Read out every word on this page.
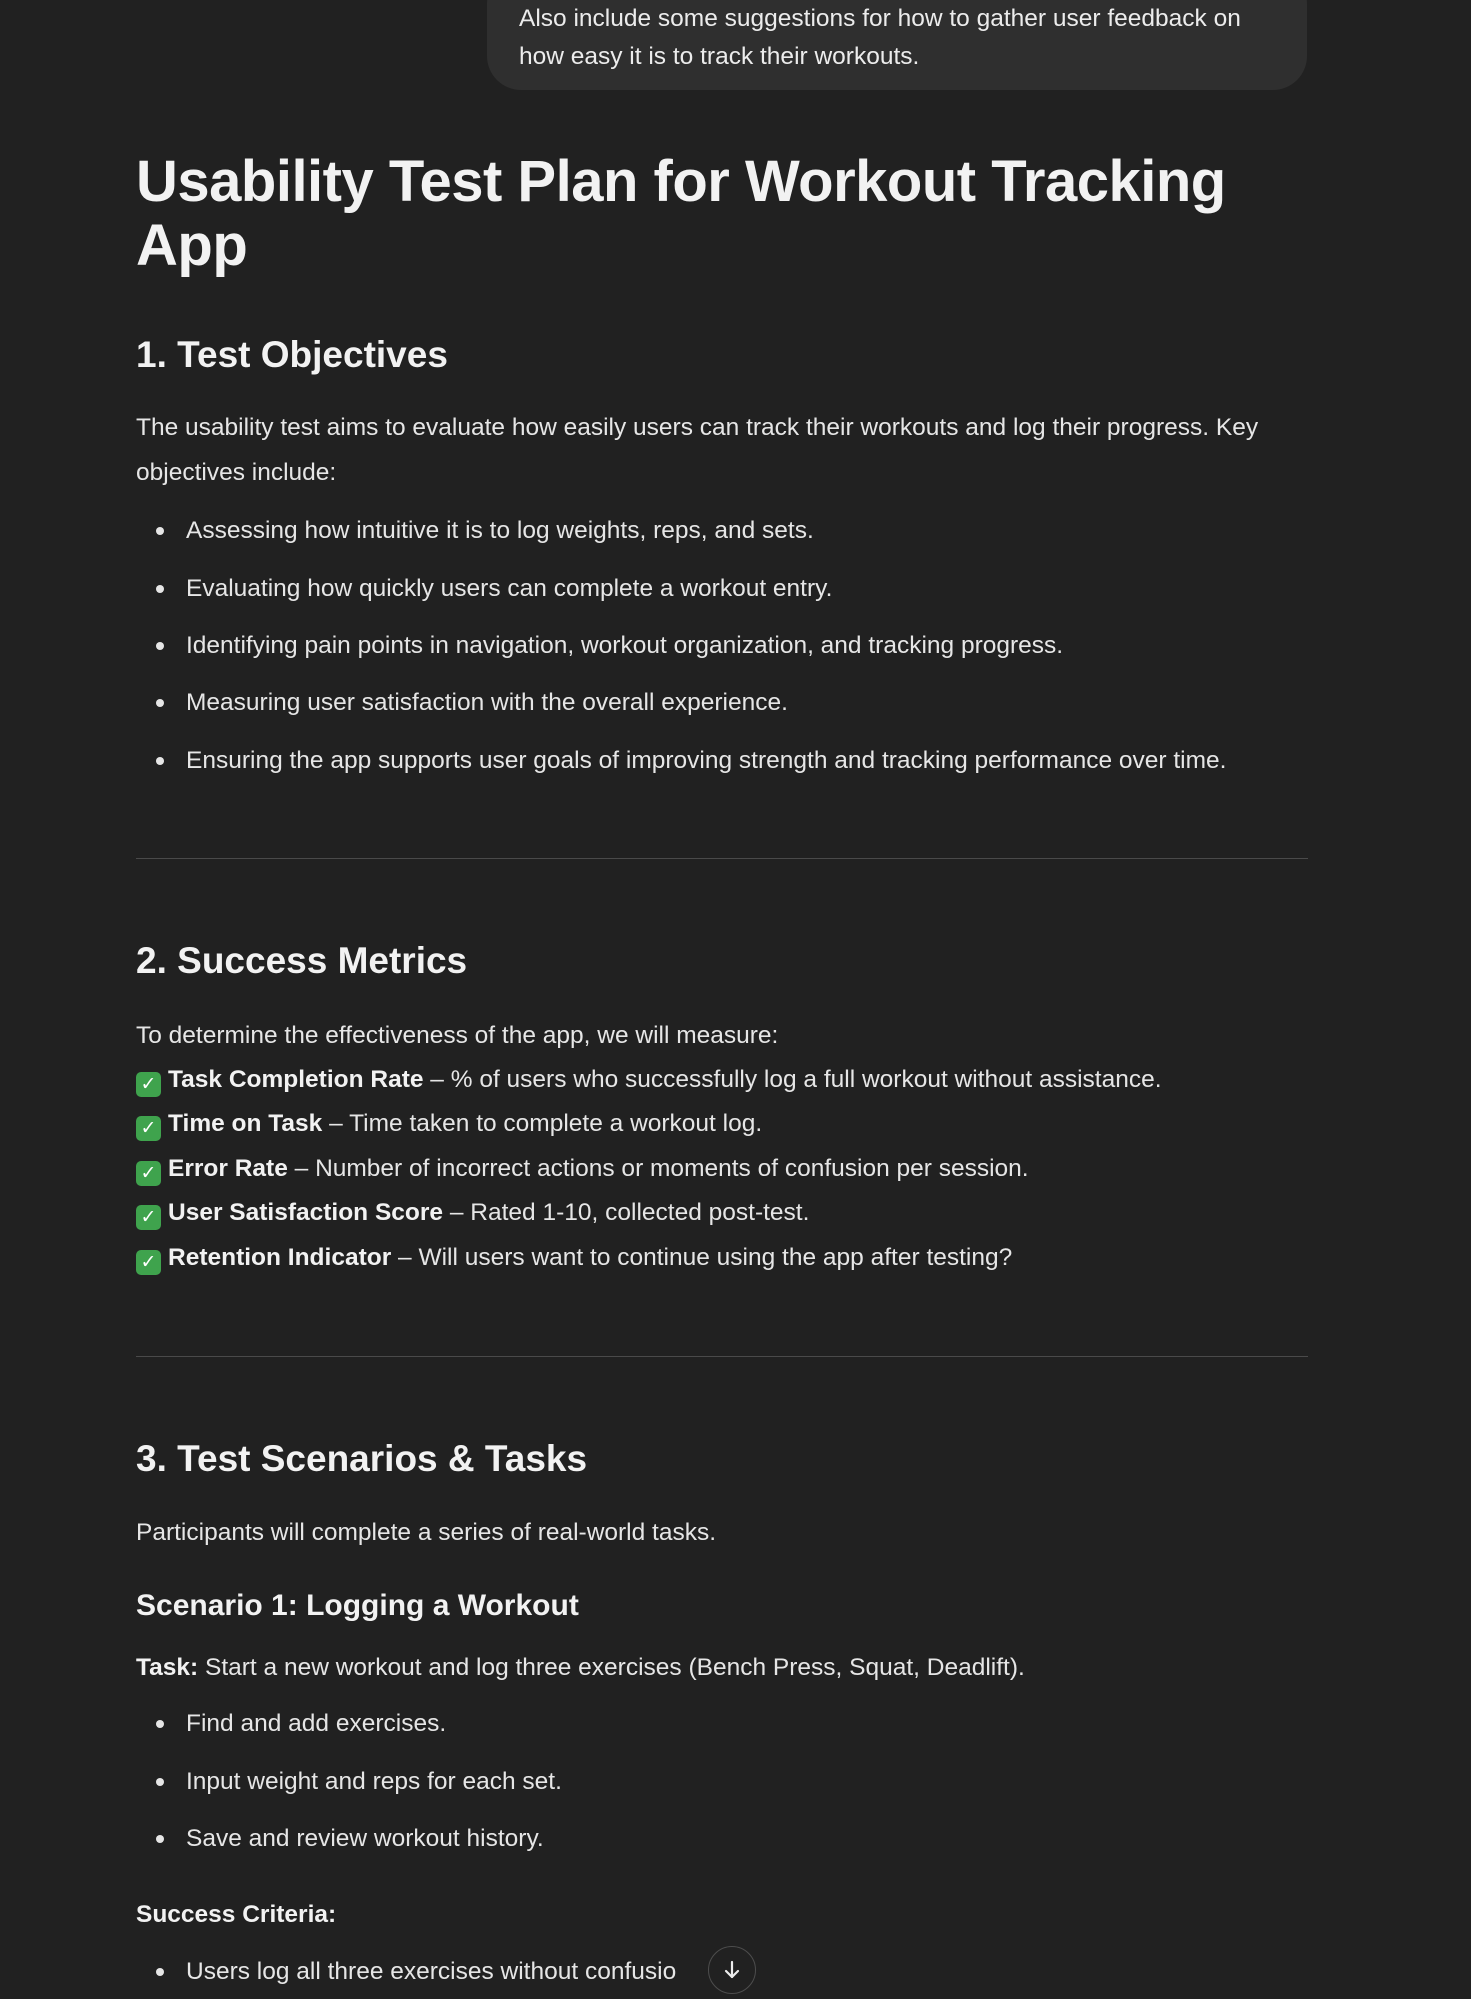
Also include some suggestions for how to gather user feedback on how easy it is to track their workouts.
Usability Test Plan for Workout Tracking App
1. Test Objectives

The usability test aims to evaluate how easily users can track their workouts and log their progress. Key objectives include:

Assessing how intuitive it is to log weights, reps, and sets.
Evaluating how quickly users can complete a workout entry.
Identifying pain points in navigation, workout organization, and tracking progress.
Measuring user satisfaction with the overall experience.
Ensuring the app supports user goals of improving strength and tracking performance over time.
2. Success Metrics

To determine the effectiveness of the app, we will measure:

✓ Task Completion Rate – % of users who successfully log a full workout without assistance.
✓ Time on Task – Time taken to complete a workout log.
✓ Error Rate – Number of incorrect actions or moments of confusion per session.
✓ User Satisfaction Score – Rated 1-10, collected post-test.
✓ Retention Indicator – Will users want to continue using the app after testing?
3. Test Scenarios & Tasks

Participants will complete a series of real-world tasks.

Scenario 1: Logging a Workout

Task: Start a new workout and log three exercises (Bench Press, Squat, Deadlift).

Find and add exercises.
Input weight and reps for each set.
Save and review workout history.

Success Criteria:

Users log all three exercises without confusio
